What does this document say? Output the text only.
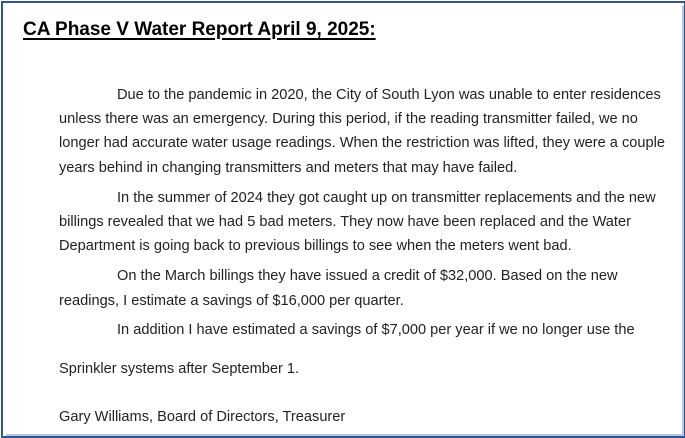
CA Phase V Water Report April 9, 2025:

Due to the pandemic in 2020, the City of South Lyon was unable to enter residences unless there was an emergency. During this period, if the reading transmitter failed, we no longer had accurate water usage readings. When the restriction was lifted, they were a couple years behind in changing transmitters and meters that may have failed.

In the summer of 2024 they got caught up on transmitter replacements and the new billings revealed that we had 5 bad meters. They now have been replaced and the Water Department is going back to previous billings to see when the meters went bad.

On the March billings they have issued a credit of $32,000. Based on the new readings, I estimate a savings of $16,000 per quarter.

In addition I have estimated a savings of $7,000 per year if we no longer use the Sprinkler systems after September 1.

Gary Williams, Board of Directors, Treasurer
